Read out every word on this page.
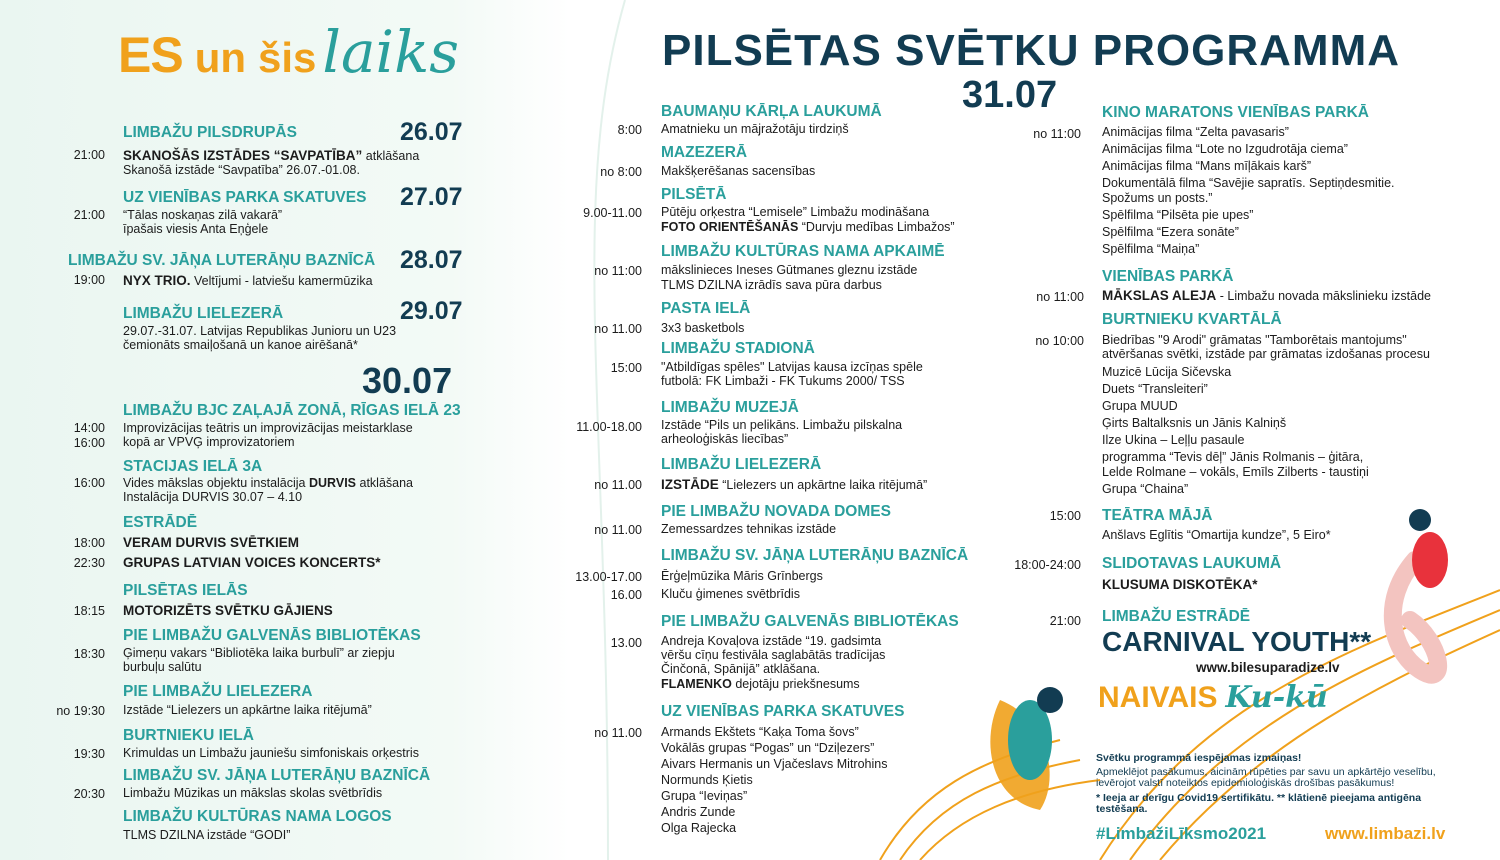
ES un šis laiks	PILSĒTAS SVĒTKU PROGRAMMA
31.07
26.07
LIMBAŽU PILSDRUPĀS
21:00 SKANOŠĀS IZSTĀDES “SAVPATĪBA” atklāšana
Skanošā izstāde “Savpatība” 26.07.-01.08.
27.07
UZ VIENĪBAS PARKA SKATUVES
21:00 “Tālas noskaņas zilā vakarā”
īpašais viesis Anta Eņģele
28.07
LIMBAŽU SV. JĀŅA LUTERĀŅU BAZNĪCĀ
19:00 NYX TRIO. Veltījumi - latviešu kamermūzika
29.07
LIMBAŽU LIELEZERĀ
29.07.-31.07. Latvijas Republikas Junioru un U23
čemionāts smaiļošanā un kanoe airēšanā*
30.07
LIMBAŽU BJC ZAĻAJĀ ZONĀ, RĪGAS IELĀ 23
14:00
16:00
Improvizācijas teātris un improvizācijas meistarklase
kopā ar VPVĢ improvizatoriem
STACIJAS IELĀ 3A
16:00 Vides mākslas objektu instalācija DURVIS atklāšana
Instalācija DURVIS 30.07 – 4.10
ESTRĀDĒ
18:00 VERAM DURVIS SVĒTKIEM
22:30 GRUPAS LATVIAN VOICES KONCERTS*
PILSĒTAS IELĀS
18:15 MOTORIZĒTS SVĒTKU GĀJIENS
PIE LIMBAŽU GALVENĀS BIBLIOTĒKAS
18:30 Ģimeņu vakars “Bibliotēka laika burbulī” ar ziepju
burbuļu salūtu
PIE LIMBAŽU LIELEZERA
no 19:30 Izstāde “Lielezers un apkārtne laika ritējumā”
BURTNIEKU IELĀ
19:30 Krimuldas un Limbažu jauniešu simfoniskais orķestris
LIMBAŽU SV. JĀŅA LUTERĀŅU BAZNĪCĀ
20:30 Limbažu Mūzikas un mākslas skolas svētbrīdis
LIMBAŽU KULTŪRAS NAMA LOGOS
TLMS DZILNA izstāde “GODI”
BAUMAŅU KĀRĻA LAUKUMĀ
8:00 Amatnieku un mājražotāju tirdziņš
MAZEZERĀ
no 8:00 Makšķerēšanas sacensības
PILSĒTĀ
9.00-11.00 Pūtēju orķestra “Lemisele” Limbažu modināšana
FOTO ORIENTĒŠANĀS “Durvju medības Limbažos”
LIMBAŽU KULTŪRAS NAMA APKAIMĒ
no 11:00 mākslinieces Ineses Gūtmanes gleznu izstāde
TLMS DZILNA izrādīs sava pūra darbus
PASTA IELĀ
no 11.00 3x3 basketbols
LIMBAŽU STADIONĀ
15:00 "Atbildīgas spēles" Latvijas kausa izcīņas spēle
futbolā: FK Limbaži - FK Tukums 2000/ TSS
LIMBAŽU MUZEJĀ
11.00-18.00 Izstāde “Pils un pelikāns. Limbažu pilskalna
arheoloģiskās liecības”
LIMBAŽU LIELEZERĀ
no 11.00 IZSTĀDE “Lielezers un apkārtne laika ritējumā”
PIE LIMBAŽU NOVADA DOMES
no 11.00 Zemessardzes tehnikas izstāde
LIMBAŽU SV. JĀŅA LUTERĀŅU BAZNĪCĀ
13.00-17.00 Ērģeļmūzika Māris Grīnbergs
16.00 Kluču ģimenes svētbrīdis
PIE LIMBAŽU GALVENĀS BIBLIOTĒKAS
13.00 Andreja Kovaļova izstāde “19. gadsimta
vēršu cīņu festivāla saglabātās tradīcijas
Činčonā, Spānijā” atklāšana.
FLAMENKO dejotāju priekšnesums
UZ VIENĪBAS PARKA SKATUVES
no 11.00 Armands Ekštets “Kaķa Toma šovs”
Vokālās grupas “Pogas” un “Dziļezers”
Aivars Hermanis un Vjačeslavs Mitrohins
Normunds Ķietis
Grupa “Ieviņas”
Andris Zunde
Olga Rajecka
KINO MARATONS VIENĪBAS PARKĀ
no 11:00 Animācijas filma “Zelta pavasaris”
Animācijas filma “Lote no Izgudrotāja ciema”
Animācijas filma “Mans mīļākais karš”
Dokumentālā filma “Savējie sapratīs. Septiņdesmitie.
Spožums un posts.”
Spēlfilma “Pilsēta pie upes”
Spēlfilma “Ezera sonāte”
Spēlfilma “Maiņa”
VIENĪBAS PARKĀ
no 11:00 MĀKSLAS ALEJA - Limbažu novada mākslinieku izstāde
BURTNIEKU KVARTĀLĀ
no 10:00 Biedrības "9 Arodi" grāmatas "Tamborētais mantojums"
atvēršanas svētki, izstāde par grāmatas izdošanas procesu
Muzicē Lūcija Sičevska
Duets “Transleiteri”
Grupa MUUD
Ģirts Baltalksnis un Jānis Kalniņš
Ilze Ukina – Leļļu pasaule
programma “Tevis dēļ” Jānis Rolmanis – ģitāra,
Lelde Rolmane – vokāls, Emīls Zilberts - taustiņi
Grupa “Chaina”
TEĀTRA MĀJĀ
15:00
Anšlavs Eglītis “Omartija kundze”, 5 Eiro*
SLIDOTAVAS LAUKUMĀ
18:00-24:00
KLUSUMA DISKOTĒKA*
LIMBAŽU ESTRĀDĒ
21:00
CARNIVAL YOUTH**
www.bilesuparadize.lv
NAIVAIS Ku-kū
Svētku programmā iespējamas izmaiņas!
Apmeklējot pasākumus, aicinām rūpēties par savu un apkārtējo veselību,
ievērojot valstī noteiktos epidemioloģiskās drošības pasākumus!
* Ieeja ar derīgu Covid19 sertifikātu. ** klātienē pieejama antigēna
testēšana.
#LimbažiLīksmo2021	www.limbazi.lv
